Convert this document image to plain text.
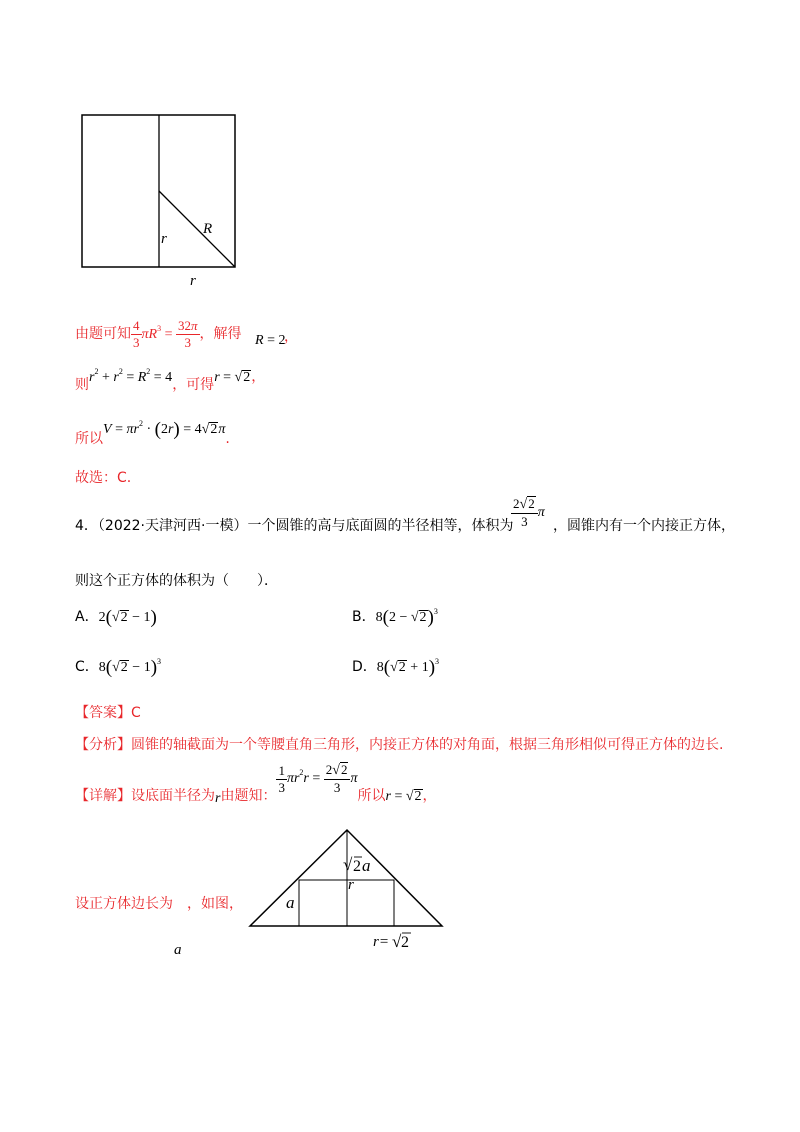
r
R
r
由题可知 $\frac{4}{3} \pi R^3 = \frac{32\pi}{3}$ ，解得 R = 2
，
则$r^2 + r^2 = R^2 = 4$，可得r = √2，
所以$V = \pi r^2 \cdot (2r) = 4√2\pi$.
故选：C.
4．（2022·天津河西·一模）一个圆锥的高与底面圆的半径相等，体积为
$\frac{2√2}{3}$ π
，圆锥内有一个内接正方体，
则这个正方体的体积为（　　）．
A．2(√2 − 1)	B．$8(2 - √2)^3$
C．$8(√2 - 1)^3$	D．$8(√2 + 1)^3$
【答案】C
【分析】圆锥的轴截面为一个等腰直角三角形，内接正方体的对角面，根据三角形相似可得正方体的边长.
【详解】设底面半径为r由题知：
$\frac{1}{3} \pi r^2r = \frac{2√2}{3}$ π所以r = √2，
设正方体边长为　，如图，
a
√ 2 a
r
a
r= √ 2
